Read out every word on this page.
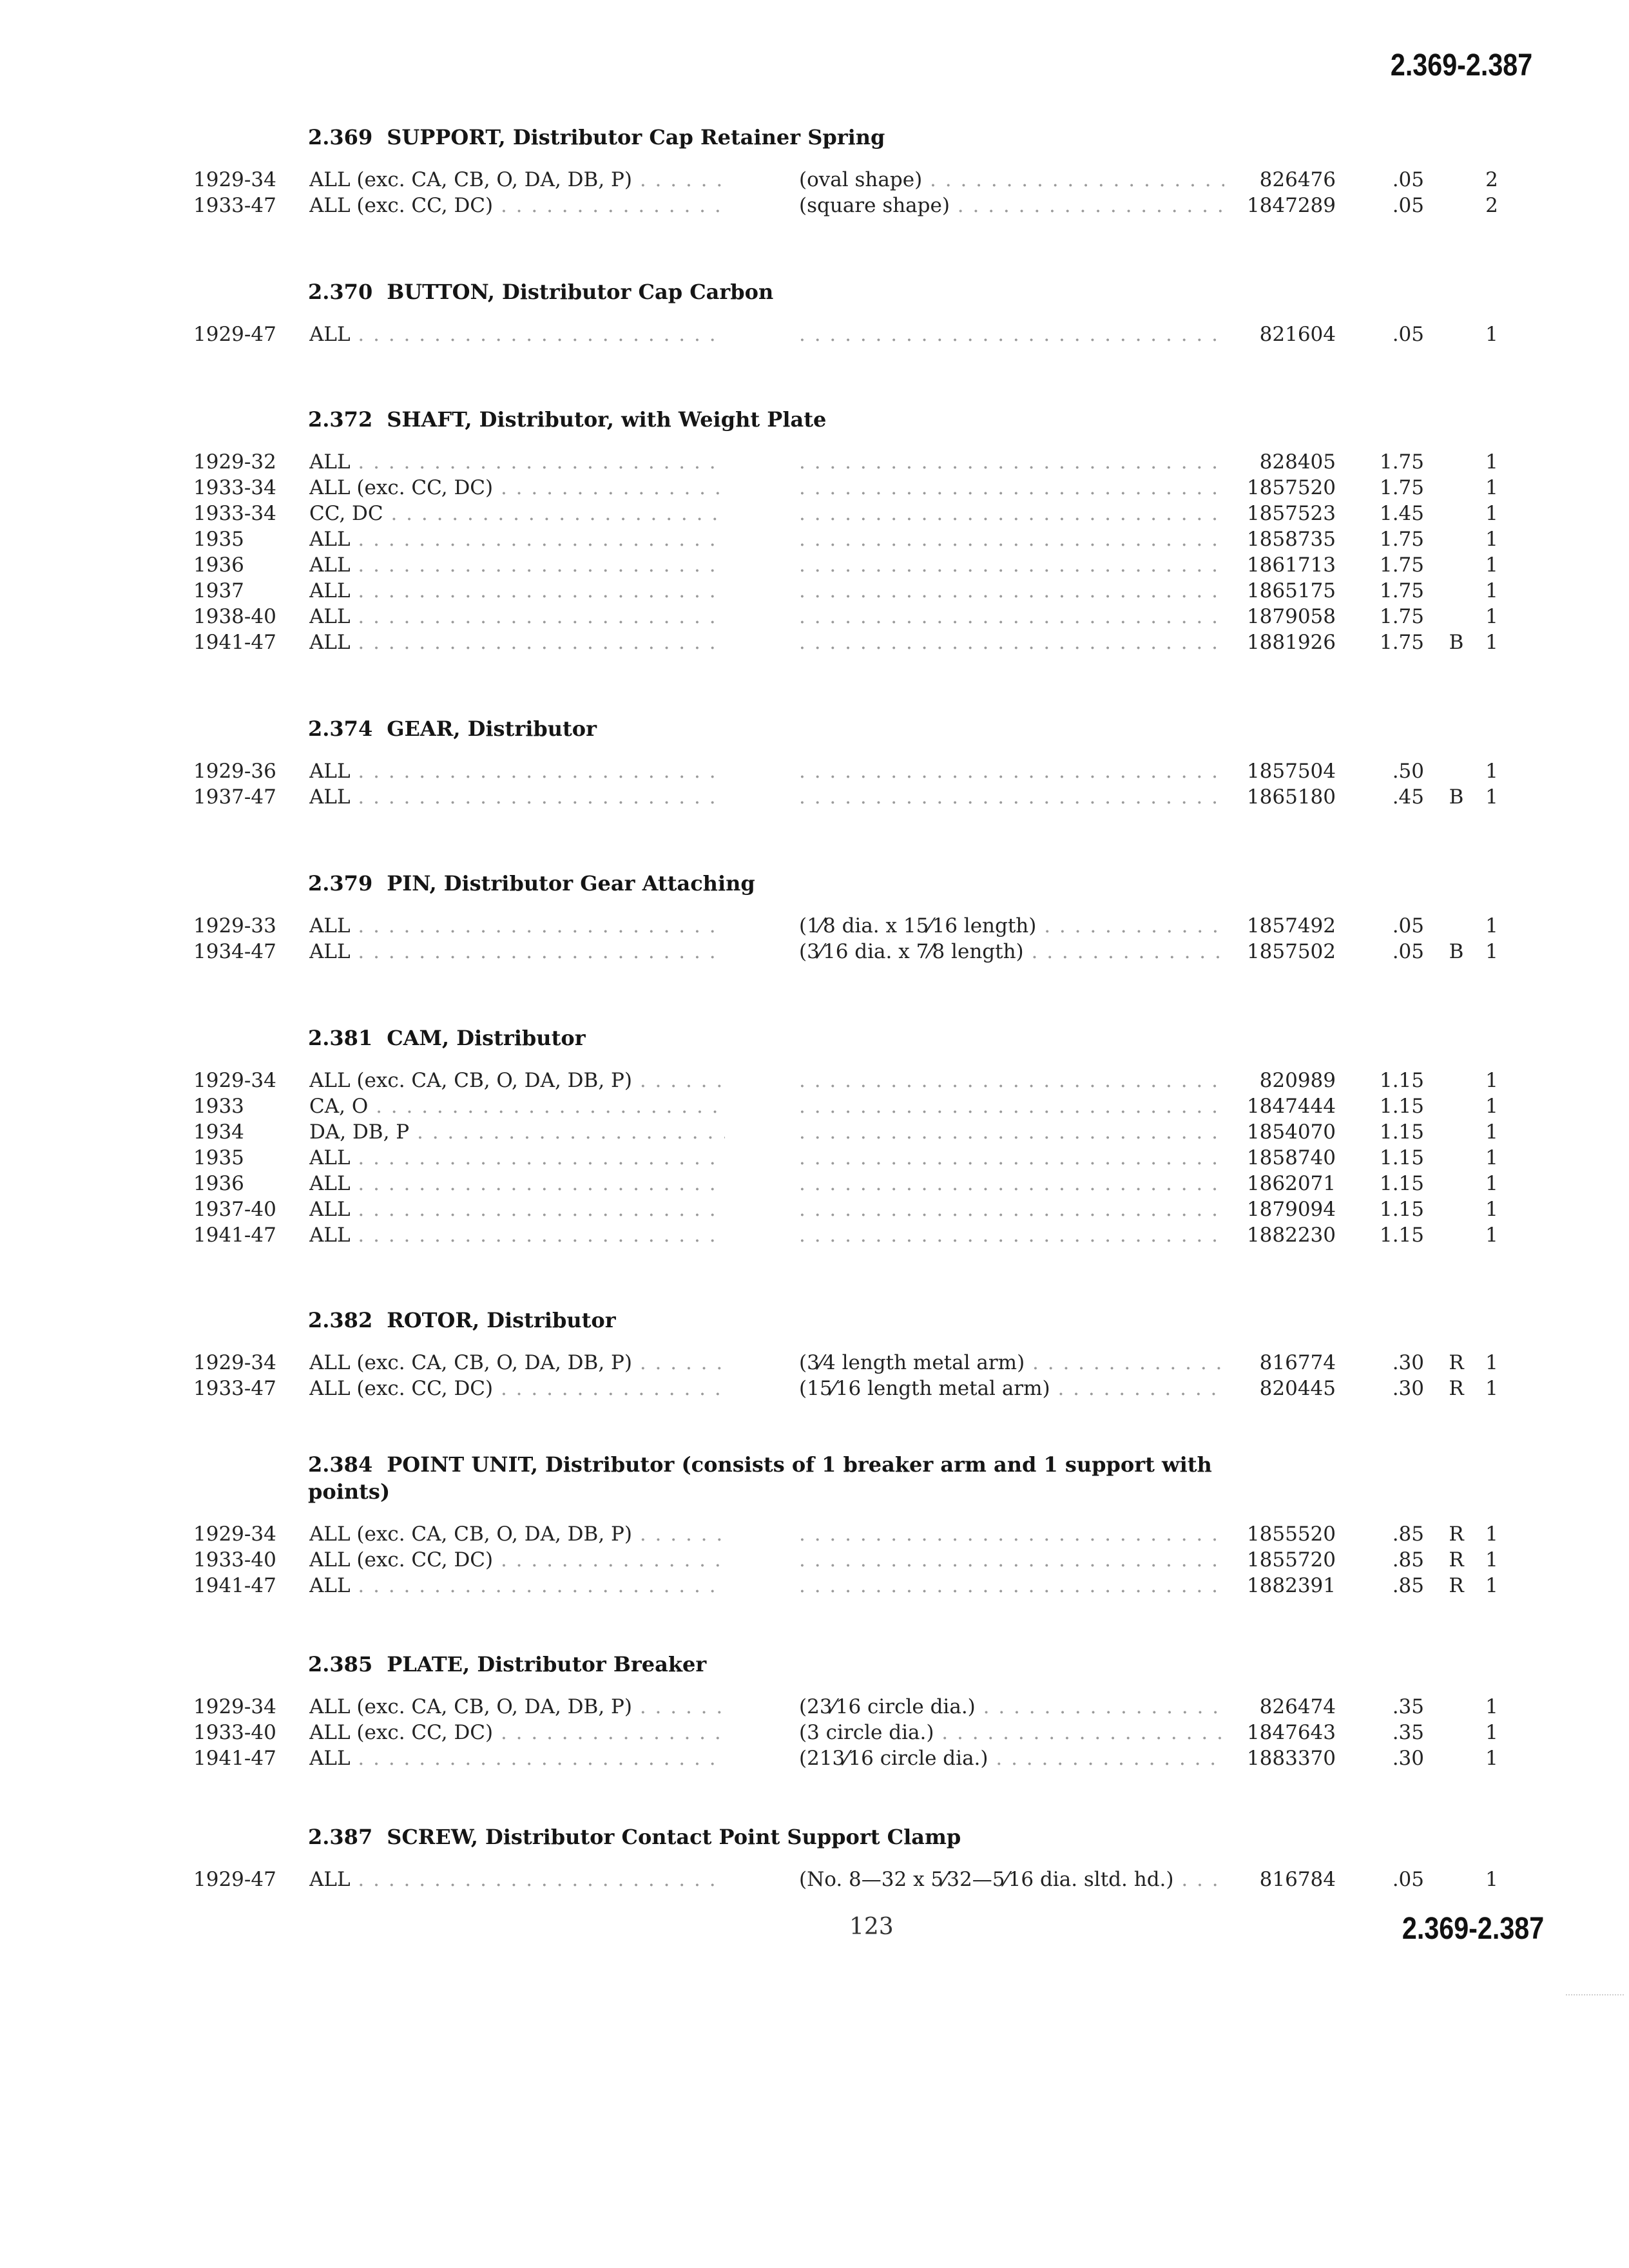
2.369-2.387
2.369 SUPPORT, Distributor Cap Retainer Spring
1929-34 ALL (exc. CA, CB, O, DA, DB, P) . . .	(oval shape) . . .	826476	.05	2
1933-47 ALL (exc. CC, DC) . . .	(square shape) . . .	1847289	.05	2
2.370 BUTTON, Distributor Cap Carbon
1929-47 ALL . . . . . .	821604	.05	1
2.372 SHAFT, Distributor, with Weight Plate
1929-32 ALL . . . . . .	828405 1.75	1
1933-34 ALL (exc. CC, DC) . . . . . .	1857520 1.75	1
1933-34 CC, DC . . . . . .	1857523 1.45	1
1935	ALL . . . . . .	1858735 1.75	1
1936	ALL . . . . . .	1861713 1.75	1
1937	ALL . . . . . .	1865175 1.75	1
1938-40 ALL . . . . . .	1879058 1.75	1
1941-47 ALL . . . . . .	1881926 1.75 B 1
2.374 GEAR, Distributor
1929-36 ALL . . . . . .	1857504	.50	1
1937-47 ALL . . . . . .	1865180	.45 B 1
2.379 PIN, Distributor Gear Attaching
1929-33 ALL . . .	(1⁄8 dia. x 15⁄16 length) . . .	1857492	.05	1
1934-47 ALL . . .	(3⁄16 dia. x 7⁄8 length) . . .	1857502	.05 B 1
2.381 CAM, Distributor
1929-34 ALL (exc. CA, CB, O, DA, DB, P) . . . . . .	820989 1.15	1
1933	CA, O . . . . . .	1847444 1.15	1
1934	DA, DB, P . . . . . .	1854070 1.15	1
1935	ALL . . . . . .	1858740 1.15	1
1936	ALL . . . . . .	1862071 1.15	1
1937-40 ALL . . . . . .	1879094 1.15	1
1941-47 ALL . . . . . .	1882230 1.15	1
2.382 ROTOR, Distributor
1929-34 ALL (exc. CA, CB, O, DA, DB, P) . . .	(3⁄4 length metal arm) . . .	816774	.30 R 1
1933-47 ALL (exc. CC, DC) . . .	(15⁄16 length metal arm) . . .	820445	.30 R 1
2.384 POINT UNIT, Distributor (consists of 1 breaker arm and 1 support with points)
1929-34 ALL (exc. CA, CB, O, DA, DB, P) . . . . . .	1855520	.85 R 1
1933-40 ALL (exc. CC, DC) . . . . . .	1855720	.85 R 1
1941-47 ALL . . . . . .	1882391	.85 R 1
2.385 PLATE, Distributor Breaker
1929-34 ALL (exc. CA, CB, O, DA, DB, P) . . .	(23⁄16 circle dia.) . . .	826474	.35	1
1933-40 ALL (exc. CC, DC) . . .	(3 circle dia.) . . .	1847643	.35	1
1941-47 ALL . . .	(213⁄16 circle dia.) . . .	1883370	.30	1
2.387 SCREW, Distributor Contact Point Support Clamp
1929-47 ALL . . .	(No. 8—32 x 5⁄32—5⁄16 dia. sltd. hd.) . . .	816784	.05	1
123	2.369-2.387
